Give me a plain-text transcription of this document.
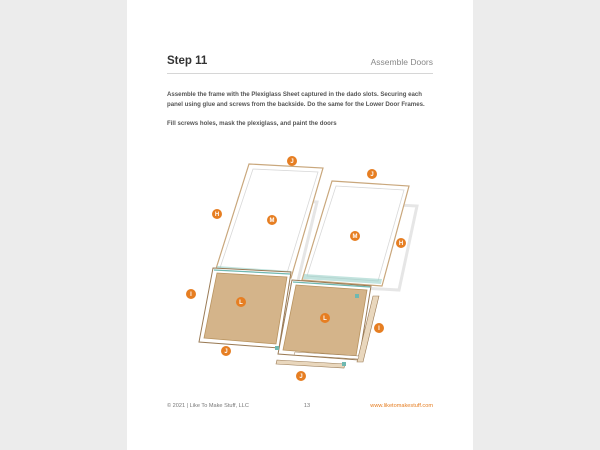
Step 11	Assemble Doors

Assemble the frame with the Plexiglass Sheet captured in the dado slots. Securing each panel using glue and screws from the backside. Do the same for the Lower Door Frames.

Fill screws holes, mask the plexiglass, and paint the doors

J
J
H
M
M
H
I
L
L
I
J
J
© 2021 | Like To Make Stuff, LLC	13	www.liketomakestuff.com
